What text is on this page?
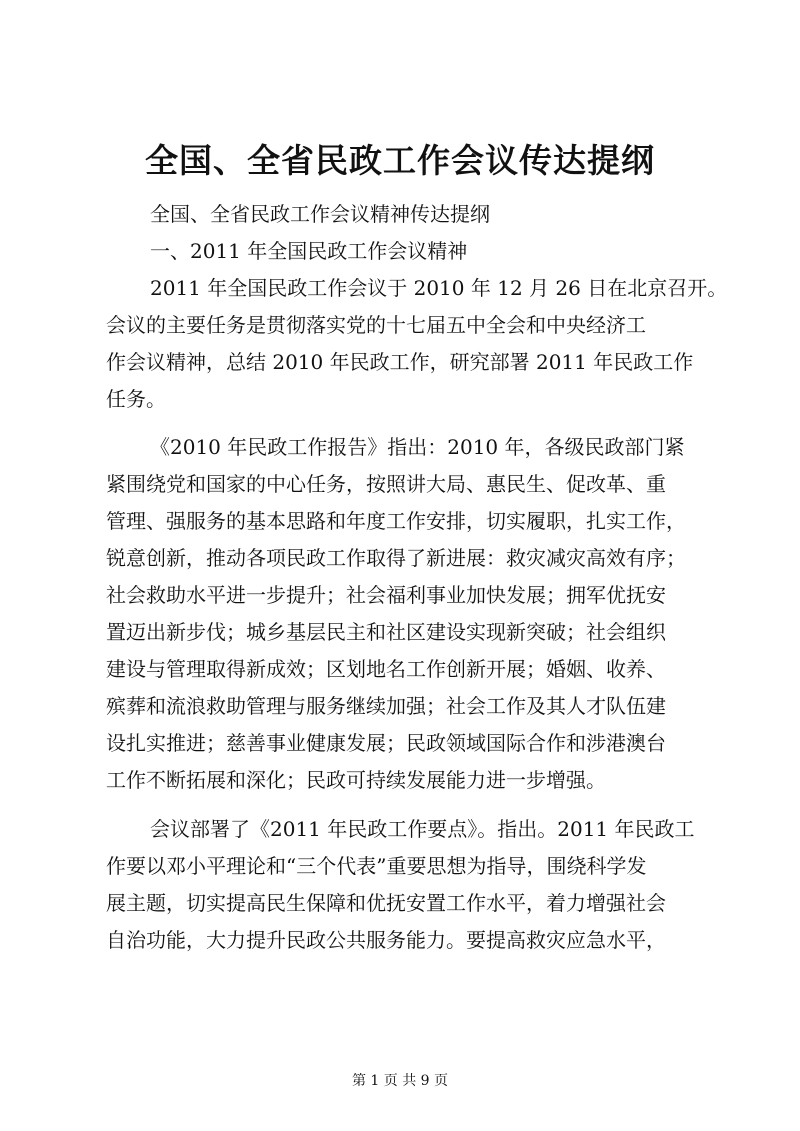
全国、全省民政工作会议传达提纲
全国、全省民政工作会议精神传达提纲
一、2011 年全国民政工作会议精神
2011 年全国民政工作会议于 2010 年 12 月 26 日在北京召开。
会议的主要任务是贯彻落实党的十七届五中全会和中央经济工
作会议精神，总结 2010 年民政工作，研究部署 2011 年民政工作
任务。
《2010 年民政工作报告》指出：2010 年，各级民政部门紧
紧围绕党和国家的中心任务，按照讲大局、惠民生、促改革、重
管理、强服务的基本思路和年度工作安排，切实履职，扎实工作，
锐意创新，推动各项民政工作取得了新进展：救灾减灾高效有序；
社会救助水平进一步提升；社会福利事业加快发展；拥军优抚安
置迈出新步伐；城乡基层民主和社区建设实现新突破；社会组织
建设与管理取得新成效；区划地名工作创新开展；婚姻、收养、
殡葬和流浪救助管理与服务继续加强；社会工作及其人才队伍建
设扎实推进；慈善事业健康发展；民政领域国际合作和涉港澳台
工作不断拓展和深化；民政可持续发展能力进一步增强。
会议部署了《2011 年民政工作要点》。指出。2011 年民政工
作要以邓小平理论和“三个代表”重要思想为指导，围绕科学发
展主题，切实提高民生保障和优抚安置工作水平，着力增强社会
自治功能，大力提升民政公共服务能力。要提高救灾应急水平，
第 1 页 共 9 页
